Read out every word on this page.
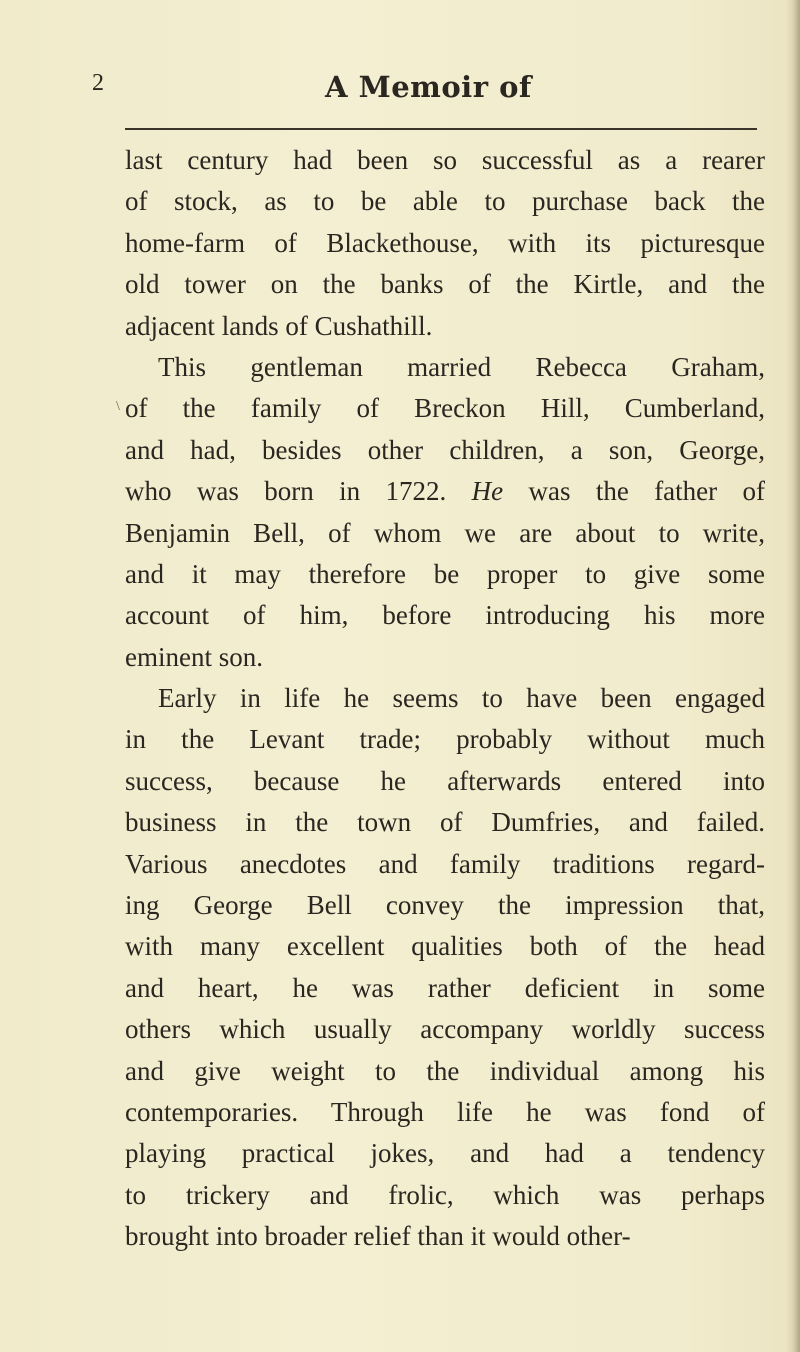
2	A Memoir of
\
last century had been so successful as a rearer
of stock, as to be able to purchase back the
home-farm of Blackethouse, with its picturesque
old tower on the banks of the Kirtle, and the
adjacent lands of Cushathill.
This gentleman married Rebecca Graham,
of the family of Breckon Hill, Cumberland,
and had, besides other children, a son, George,
who was born in 1722. He was the father of
Benjamin Bell, of whom we are about to write,
and it may therefore be proper to give some
account of him, before introducing his more
eminent son.
Early in life he seems to have been engaged
in the Levant trade; probably without much
success, because he afterwards entered into
business in the town of Dumfries, and failed.
Various anecdotes and family traditions regard-
ing George Bell convey the impression that,
with many excellent qualities both of the head
and heart, he was rather deficient in some
others which usually accompany worldly success
and give weight to the individual among his
contemporaries. Through life he was fond of
playing practical jokes, and had a tendency
to trickery and frolic, which was perhaps
brought into broader relief than it would other-
